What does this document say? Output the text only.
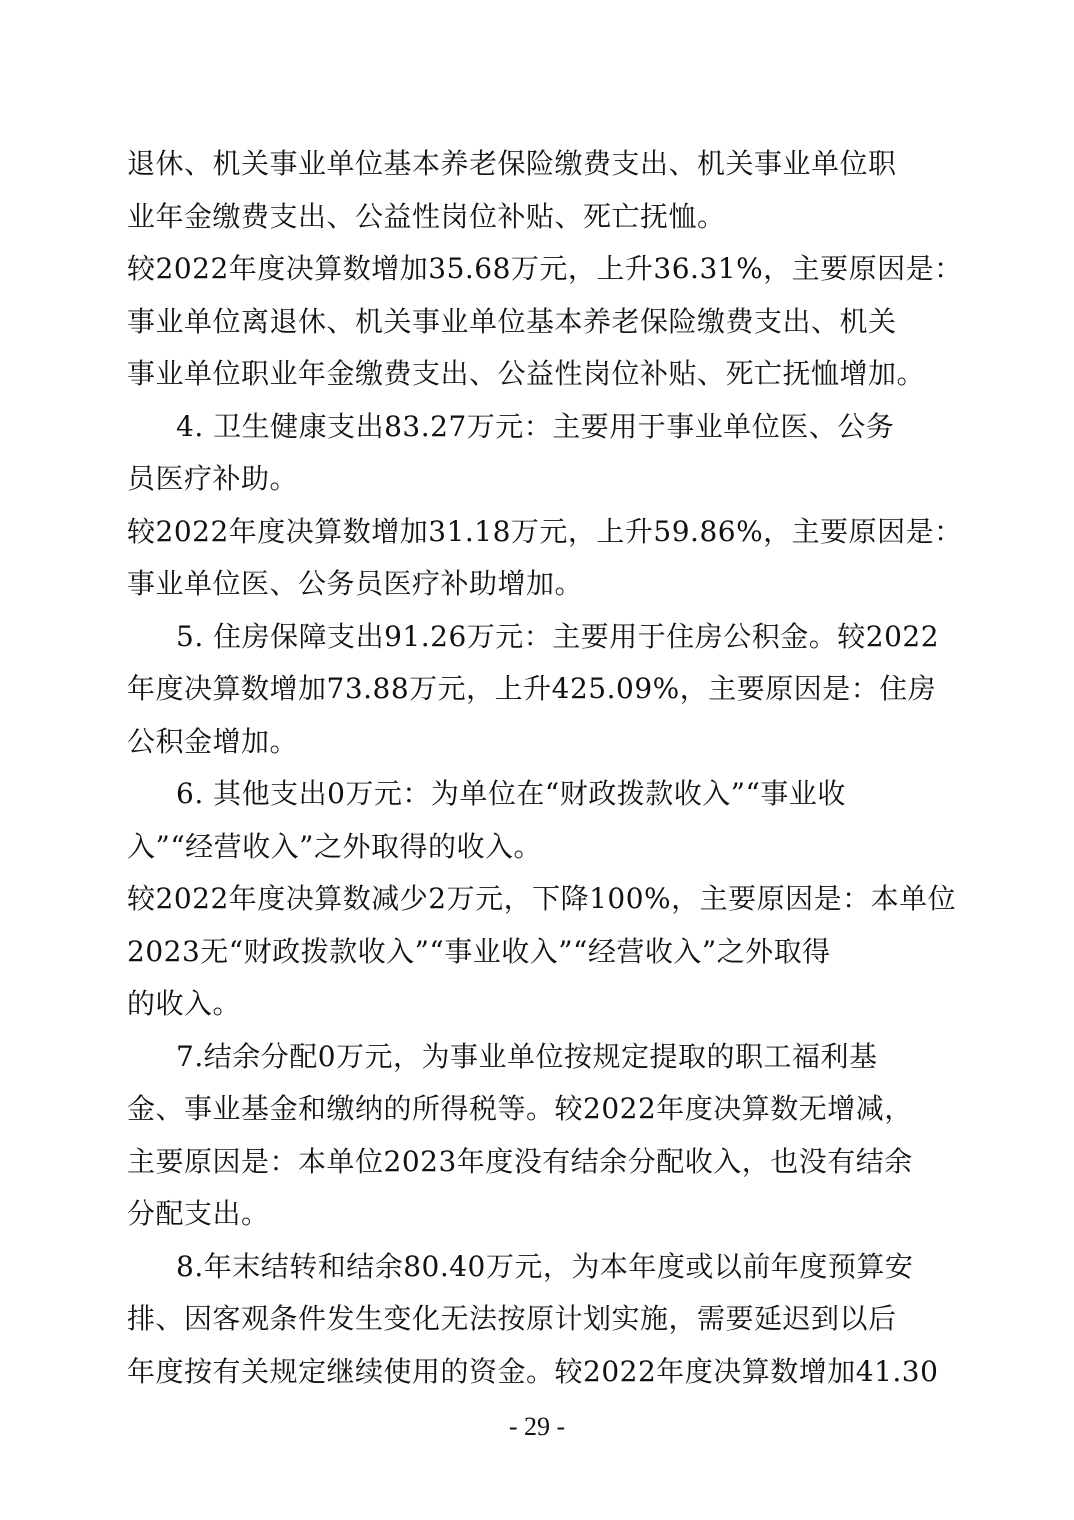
退休、机关事业单位基本养老保险缴费支出、机关事业单位职
业年金缴费支出、公益性岗位补贴、死亡抚恤。
较2022年度决算数增加35.68万元，上升36.31%，主要原因是：
事业单位离退休、机关事业单位基本养老保险缴费支出、机关
事业单位职业年金缴费支出、公益性岗位补贴、死亡抚恤增加。
4. 卫生健康支出83.27万元：主要用于事业单位医、公务
员医疗补助。
较2022年度决算数增加31.18万元，上升59.86%，主要原因是：
事业单位医、公务员医疗补助增加。
5. 住房保障支出91.26万元：主要用于住房公积金。较2022
年度决算数增加73.88万元，上升425.09%，主要原因是：住房
公积金增加。
6. 其他支出0万元：为单位在“财政拨款收入”“事业收
入”“经营收入”之外取得的收入。
较2022年度决算数减少2万元，下降100%，主要原因是：本单位
2023无“财政拨款收入”“事业收入”“经营收入”之外取得
的收入。
7.结余分配0万元，为事业单位按规定提取的职工福利基
金、事业基金和缴纳的所得税等。较2022年度决算数无增减，
主要原因是：本单位2023年度没有结余分配收入，也没有结余
分配支出。
8.年末结转和结余80.40万元，为本年度或以前年度预算安
排、因客观条件发生变化无法按原计划实施，需要延迟到以后
年度按有关规定继续使用的资金。较2022年度决算数增加41.30
- 29 -
